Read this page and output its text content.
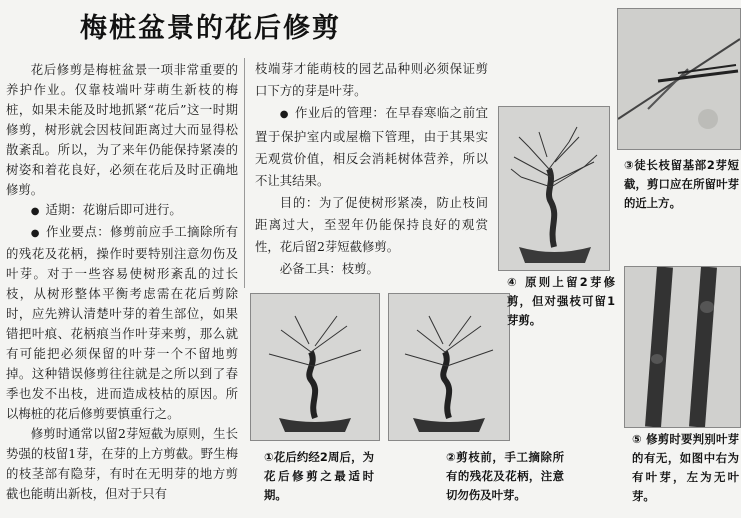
梅桩盆景的花后修剪

花后修剪是梅桩盆景一项非常重要的养护作业。仅靠枝端叶芽萌生新枝的梅桩，如果未能及时地抓紧“花后”这一时期修剪，树形就会因枝间距离过大而显得松散紊乱。所以，为了来年仍能保持紧凑的树姿和着花良好，必须在花后及时正确地修剪。

● 适期：花谢后即可进行。

● 作业要点：修剪前应手工摘除所有的残花及花柄，操作时要特别注意勿伤及叶芽。对于一些容易使树形紊乱的过长枝，从树形整体平衡考虑需在花后剪除时，应先辨认清楚叶芽的着生部位，如果错把叶痕、花柄痕当作叶芽来剪，那么就有可能把必须保留的叶芽一个不留地剪掉。这种错误修剪往往就是之所以到了春季也发不出枝，进而造成枝枯的原因。所以梅桩的花后修剪要慎重行之。

修剪时通常以留2芽短截为原则，生长势强的枝留1芽，在芽的上方剪截。野生梅的枝茎部有隐芽，有时在无明芽的地方剪截也能萌出新枝，但对于只有

枝端芽才能萌枝的园艺品种则必须保证剪口下方的芽是叶芽。

● 作业后的管理：在早春寒临之前宜置于保护室内或屋檐下管理，由于其果实无观赏价值，相反会消耗树体营养，所以不让其结果。

目的：为了促使树形紧凑，防止枝间距离过大，至翌年仍能保持良好的观赏性，花后留2芽短截修剪。

必备工具：枝剪。

①花后约经2周后，为花后修剪之最适时期。
②剪枝前，手工摘除所有的残花及花柄，注意切勿伤及叶芽。
③徒长枝留基部2芽短截，剪口应在所留叶芽的近上方。
④ 原则上留2芽修剪，但对强枝可留1芽剪。
⑤ 修剪时要判别叶芽的有无，如图中右为有叶芽，左为无叶芽。
